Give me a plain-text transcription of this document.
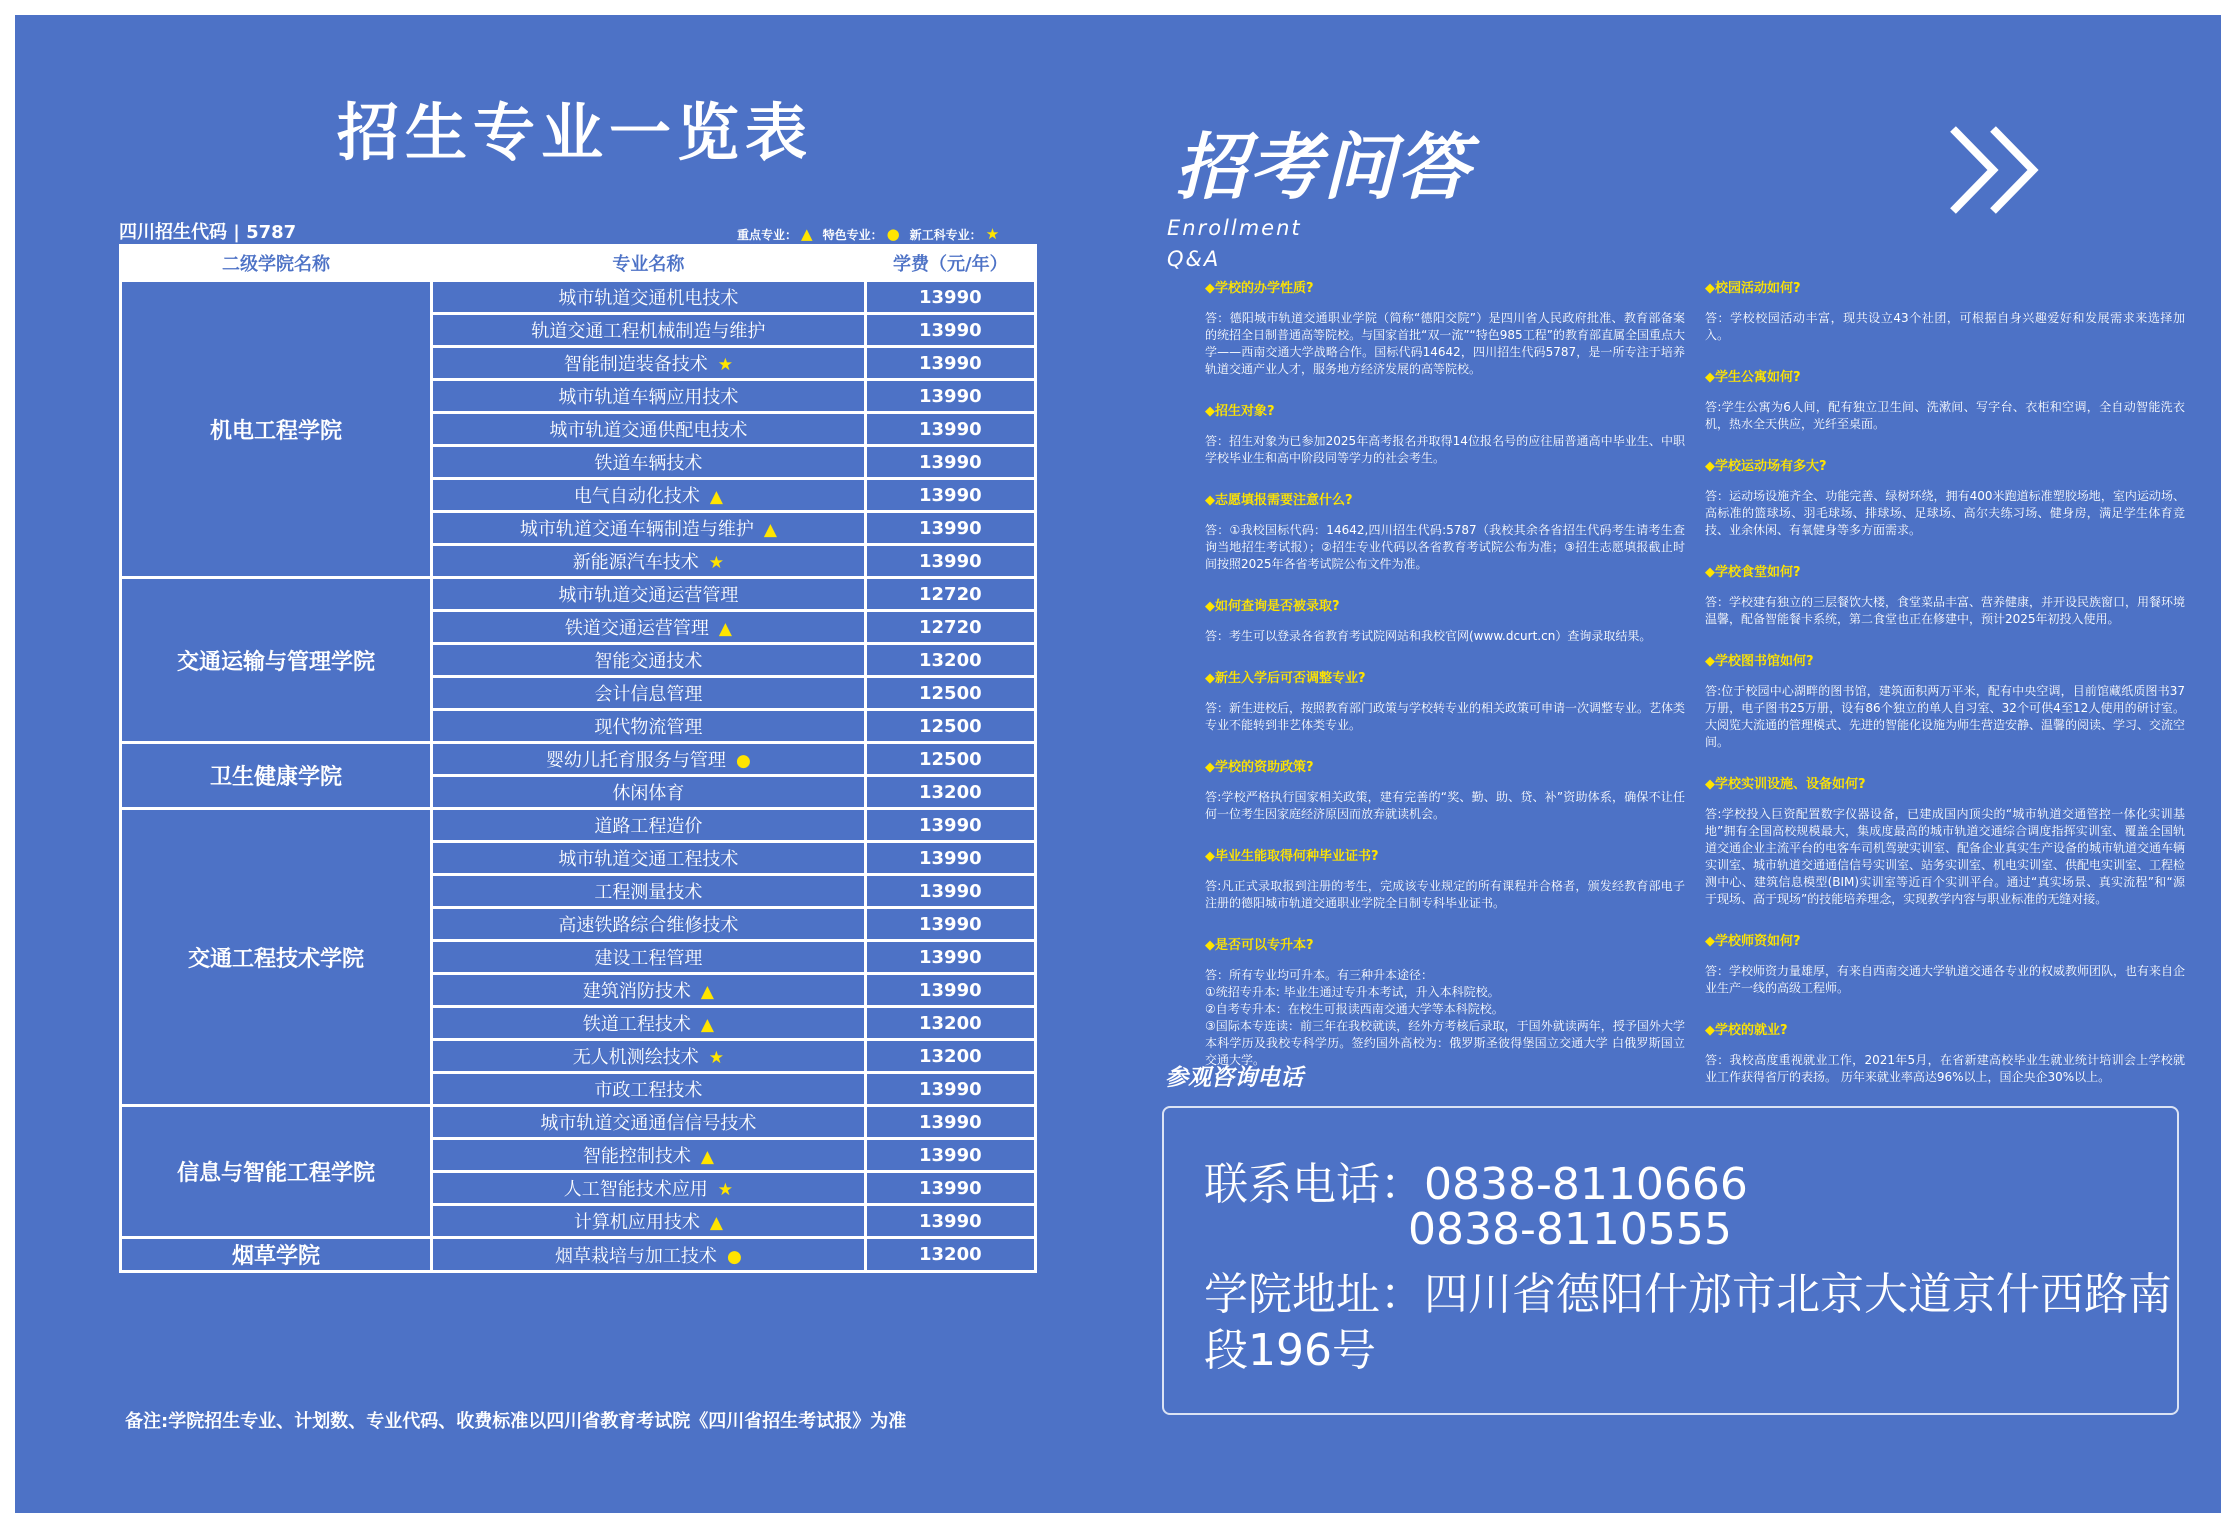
招生专业一览表
四川招生代码 | 5787	重点专业： ▲ 特色专业： ● 新工科专业： ★
二级学院名称	专业名称	学费（元/年）
机电工程学院	城市轨道交通机电技术	13990
	轨道交通工程机械制造与维护	13990
	智能制造装备技术 ★	13990
	城市轨道车辆应用技术	13990
	城市轨道交通供配电技术	13990
	铁道车辆技术	13990
	电气自动化技术 ▲	13990
	城市轨道交通车辆制造与维护 ▲	13990
	新能源汽车技术 ★	13990
交通运输与管理学院	城市轨道交通运营管理	12720
	铁道交通运营管理 ▲	12720
	智能交通技术	13200
	会计信息管理	12500
	现代物流管理	12500
卫生健康学院	婴幼儿托育服务与管理 ●	12500
	休闲体育	13200
交通工程技术学院	道路工程造价	13990
	城市轨道交通工程技术	13990
	工程测量技术	13990
	高速铁路综合维修技术	13990
	建设工程管理	13990
	建筑消防技术 ▲	13990
	铁道工程技术 ▲	13200
	无人机测绘技术 ★	13200
	市政工程技术	13990
信息与智能工程学院	城市轨道交通通信信号技术	13990
	智能控制技术 ▲	13990
	人工智能技术应用 ★	13990
	计算机应用技术 ▲	13990
烟草学院	烟草栽培与加工技术 ●	13200
备注:学院招生专业、计划数、专业代码、收费标准以四川省教育考试院《四川省招生考试报》为准
招考问答
Enrollment
Q&A
◆学校的办学性质?
答：德阳城市轨道交通职业学院（简称“德阳交院”）是四川省人民政府批准、教育部备案的统招全日制普通高等院校。与国家首批“双一流”“特色985工程”的教育部直属全国重点大学——西南交通大学战略合作。国标代码14642，四川招生代码5787，是一所专注于培养轨道交通产业人才，服务地方经济发展的高等院校。
◆招生对象?
答：招生对象为已参加2025年高考报名并取得14位报名号的应往届普通高中毕业生、中职学校毕业生和高中阶段同等学力的社会考生。
◆志愿填报需要注意什么?
答：①我校国标代码：14642,四川招生代码:5787（我校其余各省招生代码考生请考生查询当地招生考试报）；②招生专业代码以各省教育考试院公布为准；③招生志愿填报截止时间按照2025年各省考试院公布文件为准。
◆如何查询是否被录取?
答：考生可以登录各省教育考试院网站和我校官网(www.dcurt.cn）查询录取结果。
◆新生入学后可否调整专业?
答：新生进校后，按照教育部门政策与学校转专业的相关政策可申请一次调整专业。艺体类专业不能转到非艺体类专业。
◆学校的资助政策?
答:学校严格执行国家相关政策，建有完善的“奖、勤、助、贷、补”资助体系，确保不让任何一位考生因家庭经济原因而放弃就读机会。
◆毕业生能取得何种毕业证书?
答:凡正式录取报到注册的考生，完成该专业规定的所有课程并合格者，颁发经教育部电子注册的德阳城市轨道交通职业学院全日制专科毕业证书。
◆是否可以专升本?
答：所有专业均可升本。有三种升本途径：
①统招专升本: 毕业生通过专升本考试，升入本科院校。
②自考专升本：在校生可报读西南交通大学等本科院校。
③国际本专连读：前三年在我校就读，经外方考核后录取，于国外就读两年，授予国外大学本科学历及我校专科学历。签约国外高校为：俄罗斯圣彼得堡国立交通大学 白俄罗斯国立交通大学。
◆校园活动如何?
答：学校校园活动丰富，现共设立43个社团，可根据自身兴趣爱好和发展需求来选择加入。
◆学生公寓如何?
答:学生公寓为6人间，配有独立卫生间、洗漱间、写字台、衣柜和空调，全自动智能洗衣机，热水全天供应，光纤至桌面。
◆学校运动场有多大?
答：运动场设施齐全、功能完善、绿树环绕，拥有400米跑道标准塑胶场地，室内运动场、高标准的篮球场、羽毛球场、排球场、足球场、高尔夫练习场、健身房，满足学生体育竞技、业余休闲、有氧健身等多方面需求。
◆学校食堂如何?
答：学校建有独立的三层餐饮大楼，食堂菜品丰富、营养健康，并开设民族窗口，用餐环境温馨，配备智能餐卡系统，第二食堂也正在修建中，预计2025年初投入使用。
◆学校图书馆如何?
答:位于校园中心湖畔的图书馆，建筑面积两万平米，配有中央空调，目前馆藏纸质图书37万册，电子图书25万册，设有86个独立的单人自习室、32个可供4至12人使用的研讨室。大阅览大流通的管理模式、先进的智能化设施为师生营造安静、温馨的阅读、学习、交流空间。
◆学校实训设施、设备如何?
答:学校投入巨资配置数字仪器设备，已建成国内顶尖的“城市轨道交通管控一体化实训基地”拥有全国高校规模最大，集成度最高的城市轨道交通综合调度指挥实训室、覆盖全国轨道交通企业主流平台的电客车司机驾驶实训室、配备企业真实生产设备的城市轨道交通车辆实训室、城市轨道交通通信信号实训室、站务实训室、机电实训室、供配电实训室、工程检测中心、建筑信息模型(BIM)实训室等近百个实训平台。通过“真实场景、真实流程”和“源于现场、高于现场”的技能培养理念，实现教学内容与职业标准的无缝对接。
◆学校师资如何?
答：学校师资力量雄厚，有来自西南交通大学轨道交通各专业的权威教师团队，也有来自企业生产一线的高级工程师。
◆学校的就业?
答：我校高度重视就业工作，2021年5月，在省新建高校毕业生就业统计培训会上学校就业工作获得省厅的表扬。 历年来就业率高达96%以上，国企央企30%以上。
参观咨询电话
联系电话：0838-8110666
0838-8110555
学院地址：四川省德阳什邡市北京大道京什西路南
段196号
